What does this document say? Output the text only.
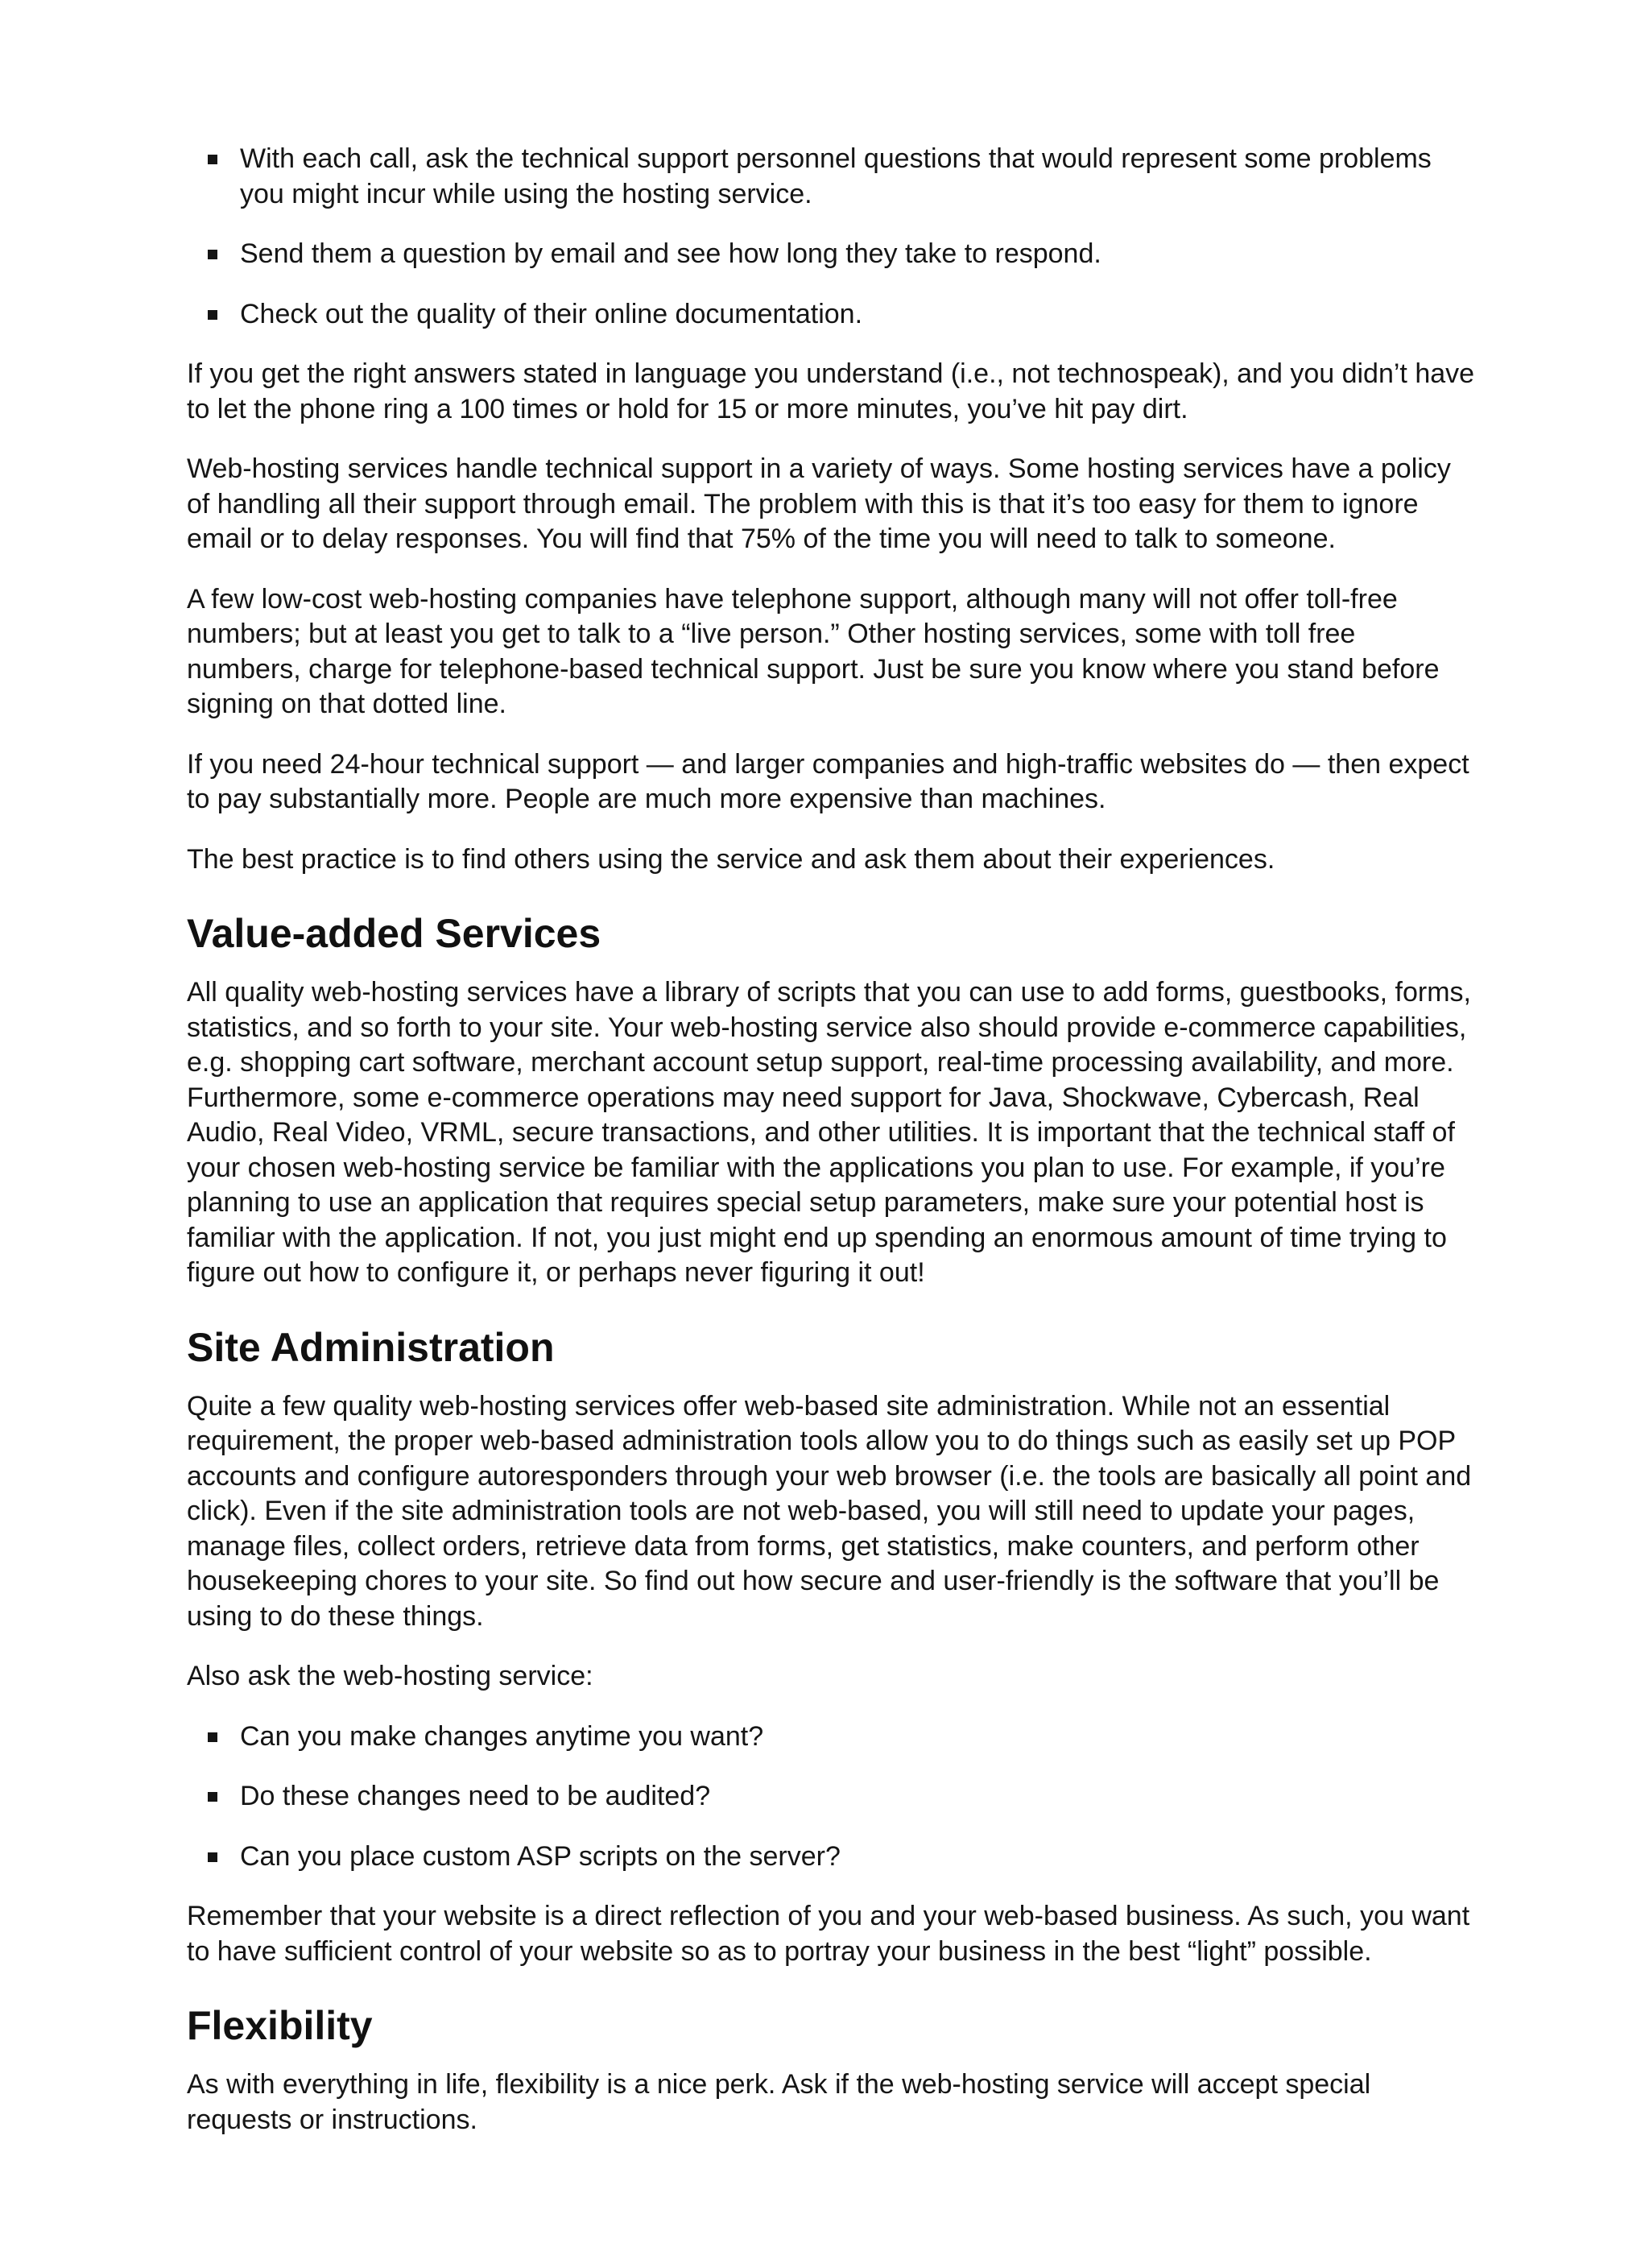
With each call, ask the technical support personnel questions that would represent some problems you might incur while using the hosting service.
Send them a question by email and see how long they take to respond.
Check out the quality of their online documentation.

If you get the right answers stated in language you understand (i.e., not technospeak), and you didn’t have to let the phone ring a 100 times or hold for 15 or more minutes, you’ve hit pay dirt.

Web-hosting services handle technical support in a variety of ways. Some hosting services have a policy of handling all their support through email. The problem with this is that it’s too easy for them to ignore email or to delay responses. You will find that 75% of the time you will need to talk to someone.

A few low-cost web-hosting companies have telephone support, although many will not offer toll-free numbers; but at least you get to talk to a “live person.” Other hosting services, some with toll free numbers, charge for telephone-based technical support. Just be sure you know where you stand before signing on that dotted line.

If you need 24-hour technical support — and larger companies and high-traffic websites do — then expect to pay substantially more. People are much more expensive than machines.

The best practice is to find others using the service and ask them about their experiences.

Value-added Services

All quality web-hosting services have a library of scripts that you can use to add forms, guestbooks, forms, statistics, and so forth to your site. Your web-hosting service also should provide e-commerce capabilities, e.g. shopping cart software, merchant account setup support, real-time processing availability, and more. Furthermore, some e-commerce operations may need support for Java, Shockwave, Cybercash, Real Audio, Real Video, VRML, secure transactions, and other utilities. It is important that the technical staff of your chosen web-hosting service be familiar with the applications you plan to use. For example, if you’re planning to use an application that requires special setup parameters, make sure your potential host is familiar with the application. If not, you just might end up spending an enormous amount of time trying to figure out how to configure it, or perhaps never figuring it out!

Site Administration

Quite a few quality web-hosting services offer web-based site administration. While not an essential requirement, the proper web-based administration tools allow you to do things such as easily set up POP accounts and configure autoresponders through your web browser (i.e. the tools are basically all point and click). Even if the site administration tools are not web-based, you will still need to update your pages, manage files, collect orders, retrieve data from forms, get statistics, make counters, and perform other housekeeping chores to your site. So find out how secure and user-friendly is the software that you’ll be using to do these things.

Also ask the web-hosting service:

Can you make changes anytime you want?
Do these changes need to be audited?
Can you place custom ASP scripts on the server?

Remember that your website is a direct reflection of you and your web-based business. As such, you want to have sufficient control of your website so as to portray your business in the best “light” possible.

Flexibility

As with everything in life, flexibility is a nice perk. Ask if the web-hosting service will accept special requests or instructions.
